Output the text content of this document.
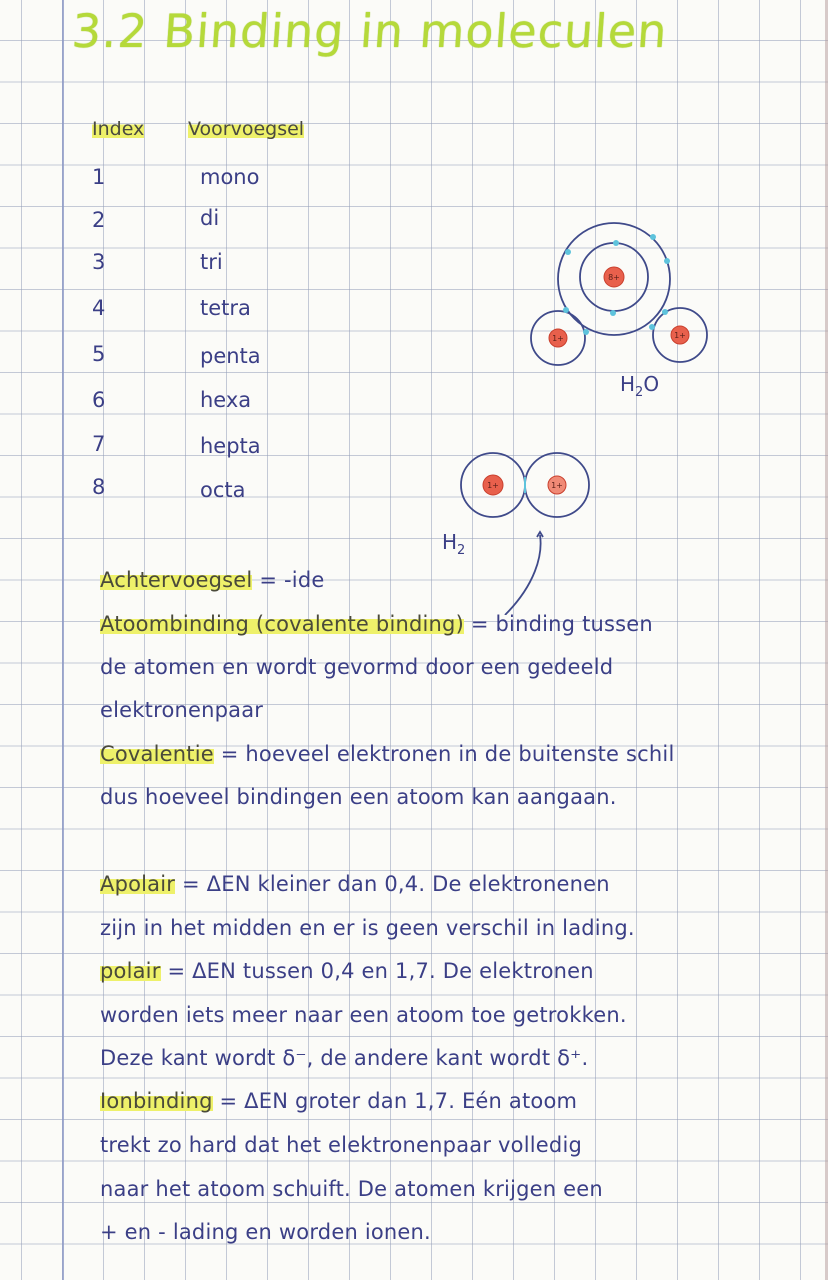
3.2 Binding in moleculen
Index Voorvoegsel
1	mono
2	di
3	tri
4	tetra
5	penta
6	hexa
7	hepta
8	octa
8+
1+	1+
$H_2O$
1+	1+
$H_2$
Achtervoegsel = -ide
Atoombinding (covalente binding) = binding tussen
de atomen en wordt gevormd door een gedeeld
elektronenpaar
Covalentie = hoeveel elektronen in de buitenste schil
dus hoeveel bindingen een atoom kan aangaan.
Apolair = ΔEN kleiner dan 0,4. De elektronenen
zijn in het midden en er is geen verschil in lading.
polair = ΔEN tussen 0,4 en 1,7. De elektronen
worden iets meer naar een atoom toe getrokken.
Deze kant wordt δ⁻, de andere kant wordt δ⁺.
Ionbinding = ΔEN groter dan 1,7. Eén atoom
trekt zo hard dat het elektronenpaar volledig
naar het atoom schuift. De atomen krijgen een
+ en - lading en worden ionen.
